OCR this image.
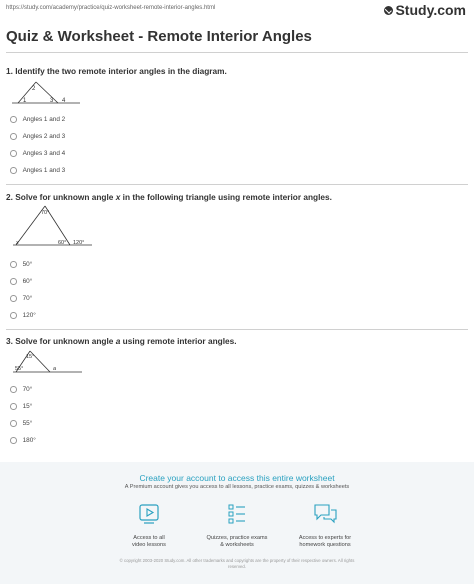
https://study.com/academy/practice/quiz-worksheet-remote-interior-angles.html	Study.com
Quiz & Worksheet - Remote Interior Angles
1. Identify the two remote interior angles in the diagram.
2
1	3 4
Angles 1 and 2
Angles 2 and 3
Angles 3 and 4
Angles 1 and 3
2. Solve for unknown angle x in the following triangle using remote interior angles.
70°
x	60° 120°
50°
60°
70°
120°
3. Solve for unknown angle a using remote interior angles.
15°
55°	a
70°
15°
55°
180°
Create your account to access this entire worksheet
A Premium account gives you access to all lessons, practice exams, quizzes & worksheets
Access to all
video lessons
Quizzes, practice exams
& worksheets
Access to experts for
homework questions
© copyright 2003-2020 Study.com. All other trademarks and copyrights are the property of their respective owners. All rights
reserved.
